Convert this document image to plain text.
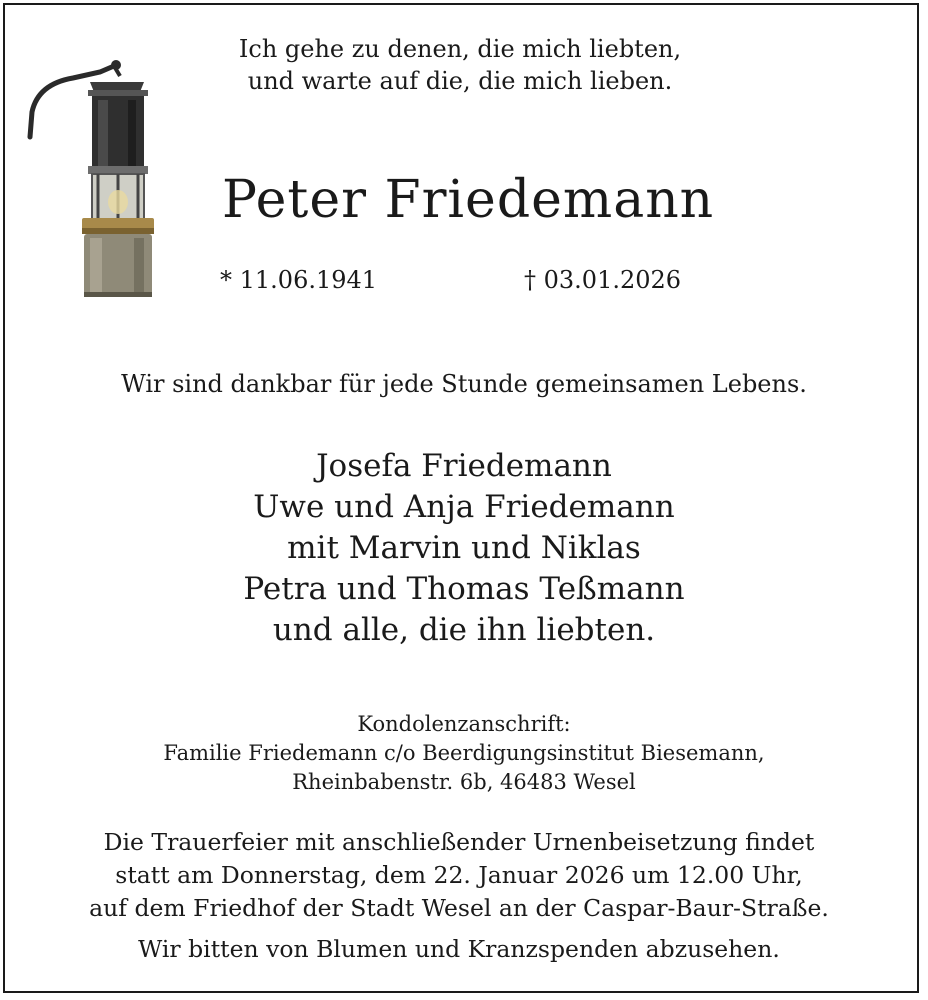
Ich gehe zu denen, die mich liebten,
und warte auf die, die mich lieben.
Peter Friedemann
* 11.06.1941	† 03.01.2026
Wir sind dankbar für jede Stunde gemeinsamen Lebens.
Josefa Friedemann
Uwe und Anja Friedemann
mit Marvin und Niklas
Petra und Thomas Teßmann
und alle, die ihn liebten.
Kondolenzanschrift:
Familie Friedemann c/o Beerdigungsinstitut Biesemann,
Rheinbabenstr. 6b, 46483 Wesel
Die Trauerfeier mit anschließender Urnenbeisetzung findet
statt am Donnerstag, dem 22. Januar 2026 um 12.00 Uhr,
auf dem Friedhof der Stadt Wesel an der Caspar-Baur-Straße.
Wir bitten von Blumen und Kranzspenden abzusehen.
